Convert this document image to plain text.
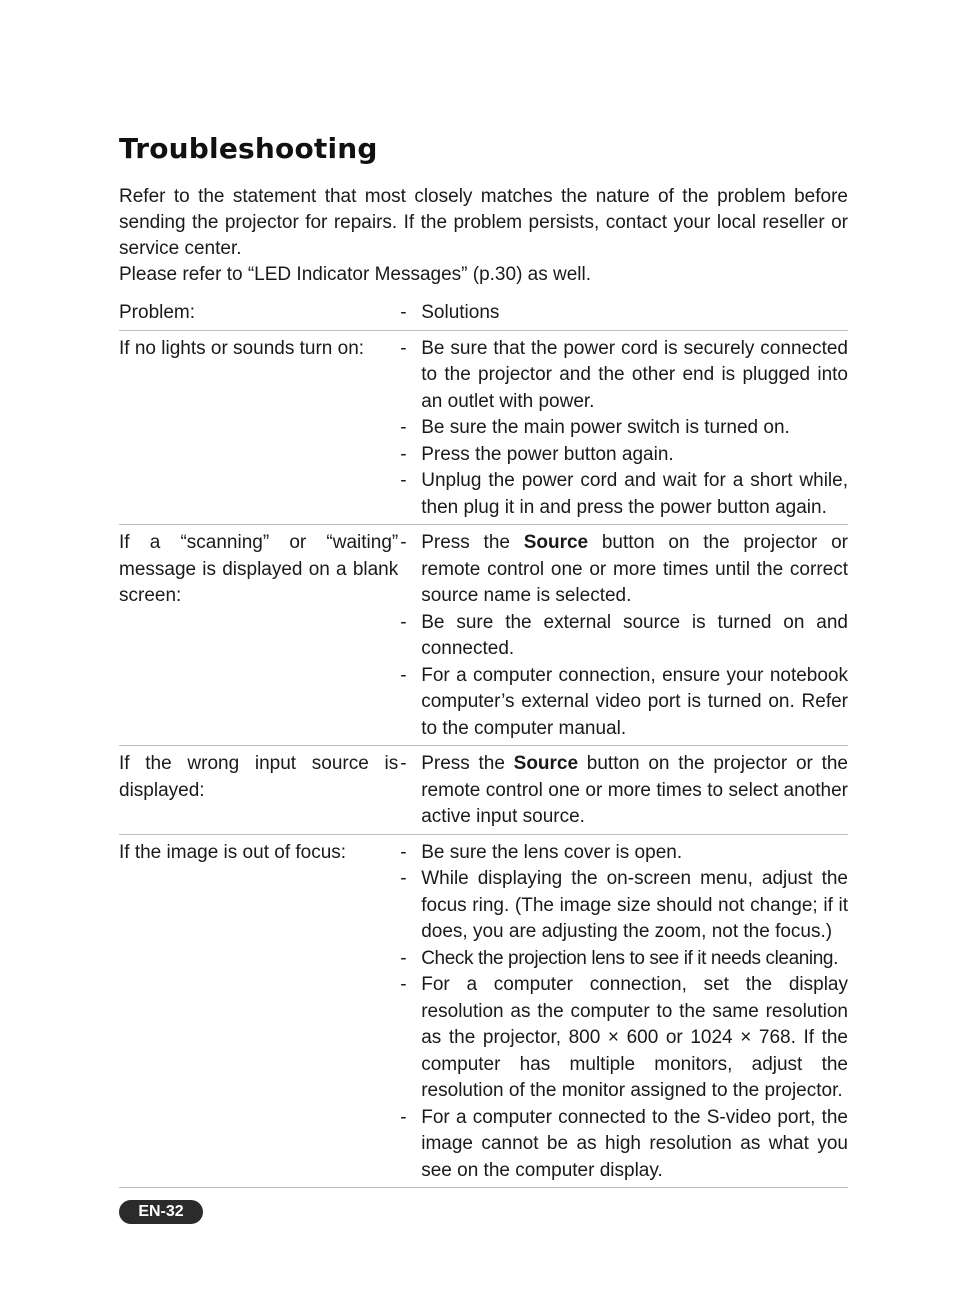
Troubleshooting

Refer to the statement that most closely matches the nature of the problem before sending the projector for repairs. If the problem persists, contact your local reseller or service center.

Please refer to “LED Indicator Messages” (p.30) as well.

Problem:	- Solutions
If no lights or sounds turn on:	- Be sure that the power cord is securely connected to the projector and the other end is plugged into an outlet with power.
- Be sure the main power switch is turned on.
- Press the power button again.
- Unplug the power cord and wait for a short while, then plug it in and press the power button again.
If a “scanning” or “waiting” message is displayed on a blank screen:
- Press the Source button on the projector or remote control one or more times until the correct source name is selected.
- Be sure the external source is turned on and connected.
- For a computer connection, ensure your notebook computer’s external video port is turned on. Refer to the computer manual.
If the wrong input source is displayed:
- Press the Source button on the projector or the remote control one or more times to select another active input source.
If the image is out of focus:	- Be sure the lens cover is open.
- While displaying the on-screen menu, adjust the focus ring. (The image size should not change; if it does, you are adjusting the zoom, not the focus.)
- Check the projection lens to see if it needs cleaning.
- For a computer connection, set the display resolution as the computer to the same resolution as the projector, 800 × 600 or 1024 × 768. If the computer has multiple monitors, adjust the resolution of the monitor assigned to the projector.
- For a computer connected to the S-video port, the image cannot be as high resolution as what you see on the computer display.
EN-32
